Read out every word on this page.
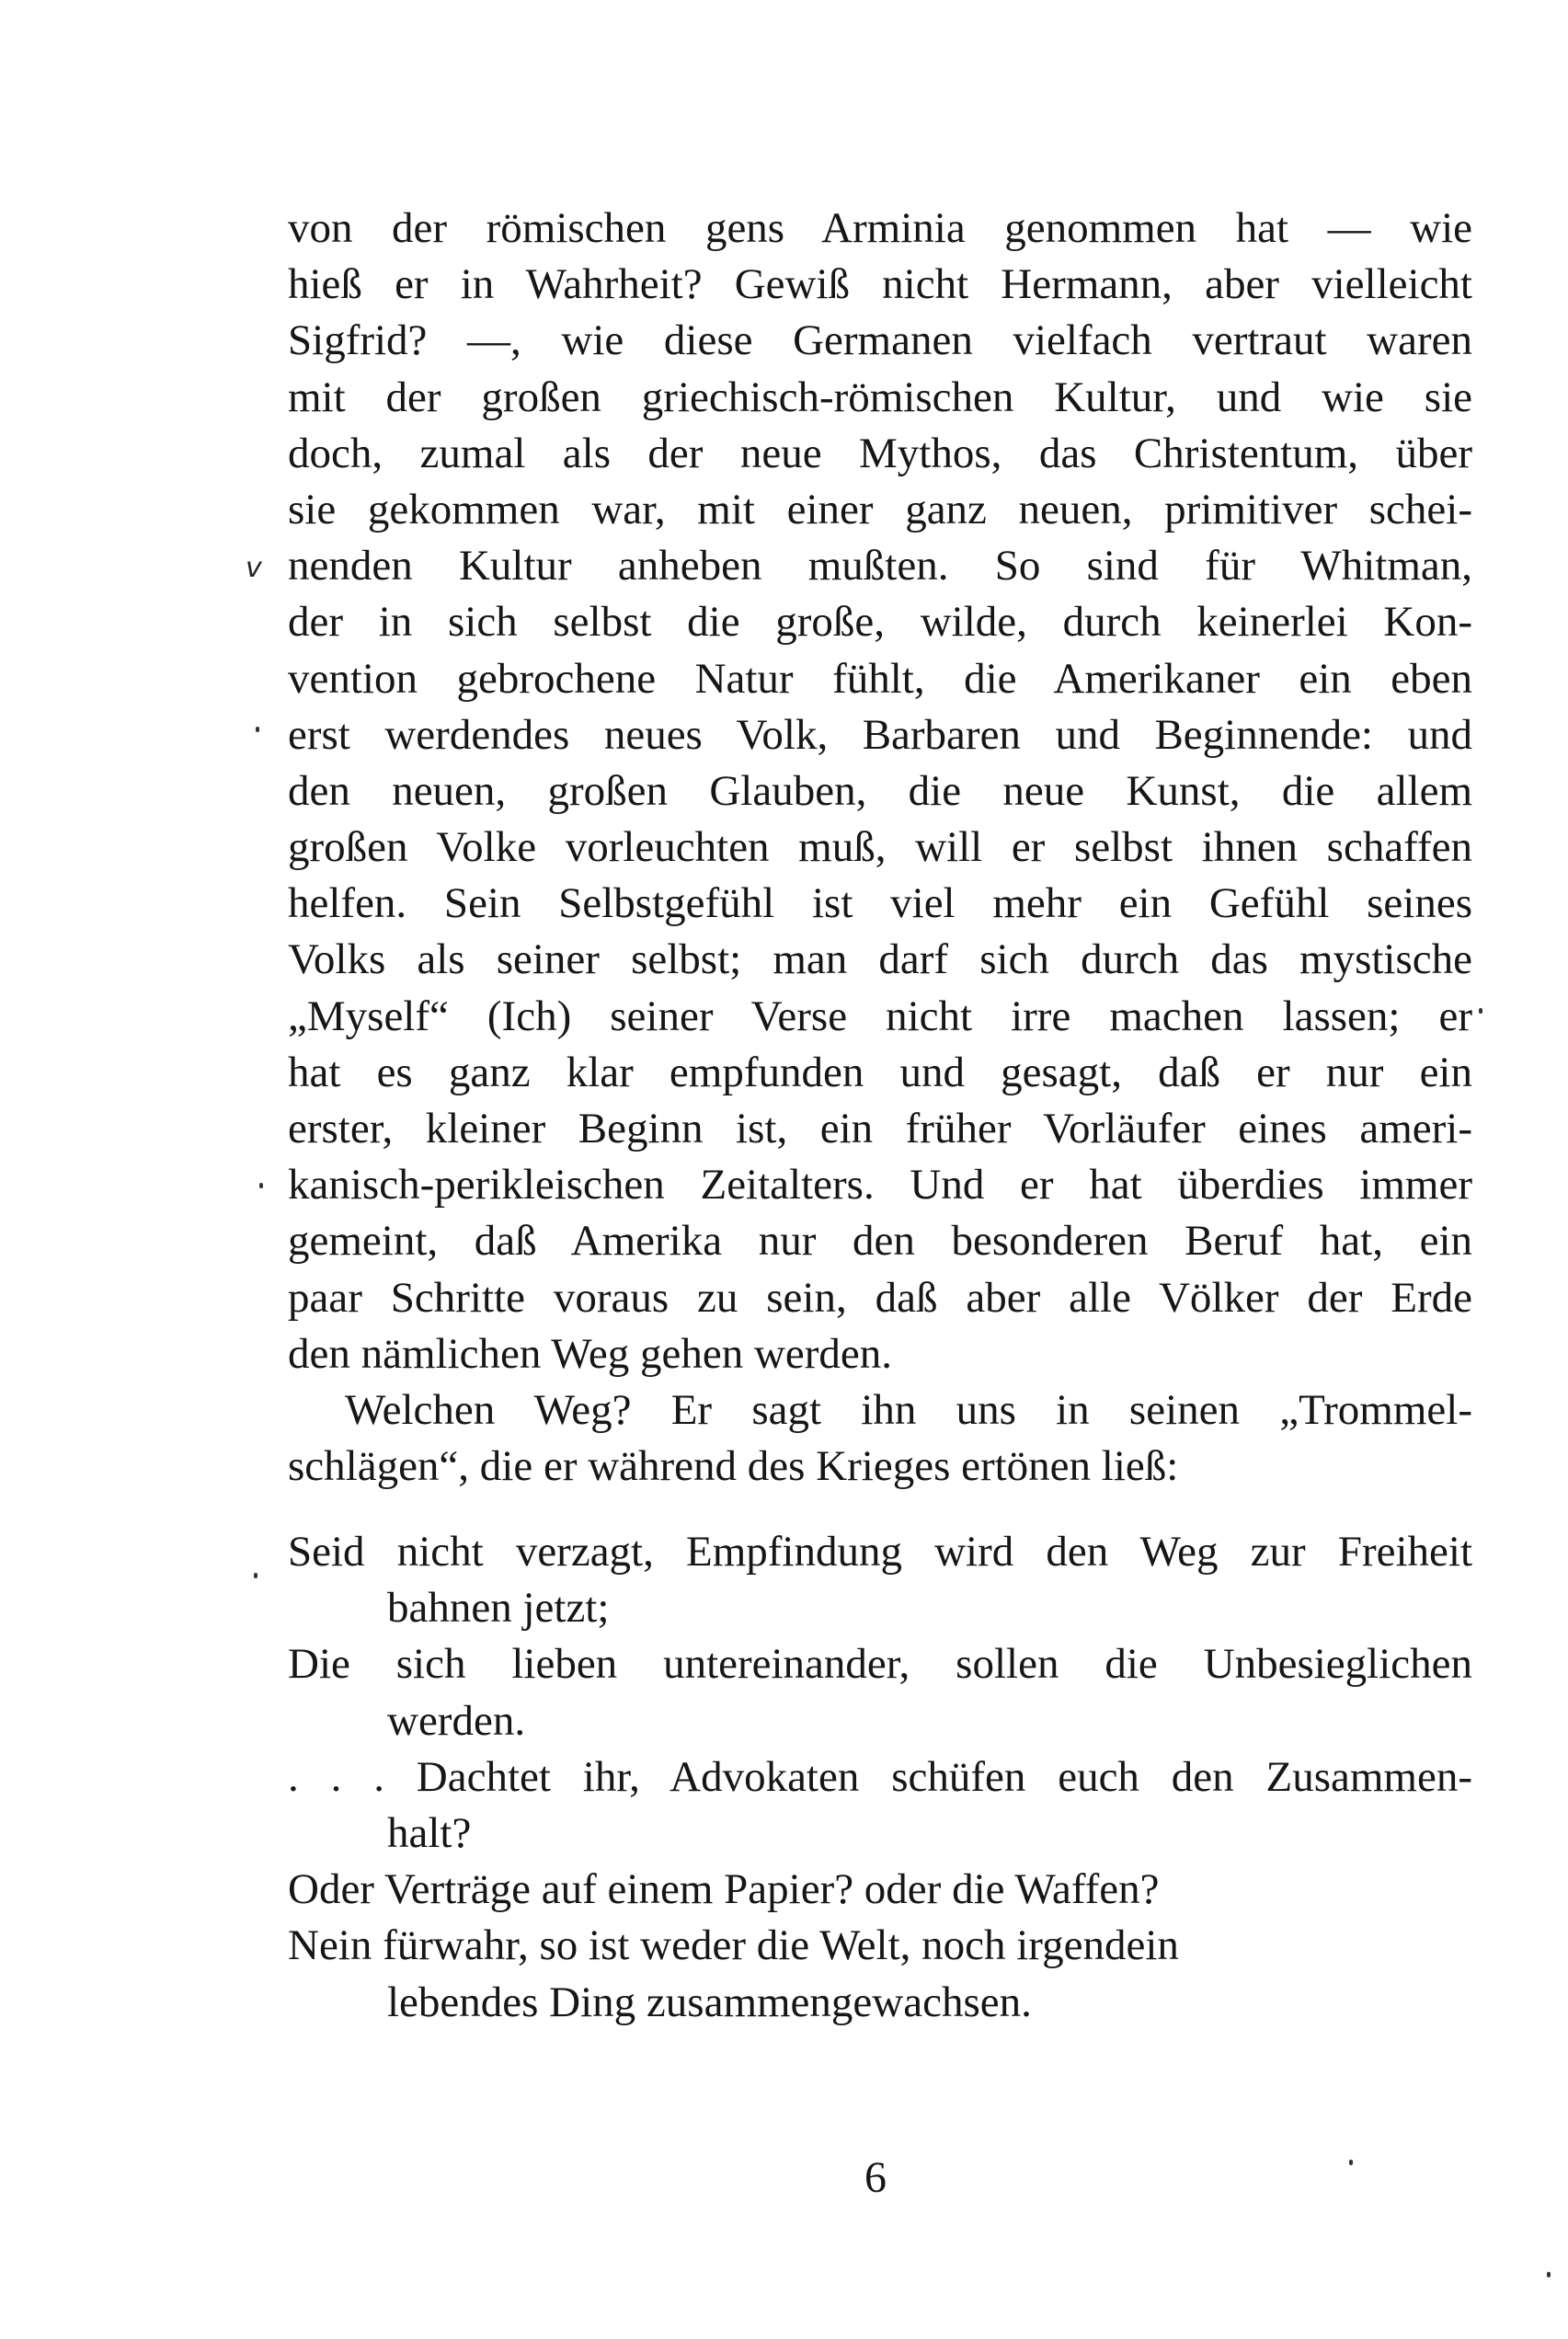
von der römischen gens Arminia genommen hat — wie
hieß er in Wahrheit? Gewiß nicht Hermann, aber vielleicht
Sigfrid? —, wie diese Germanen vielfach vertraut waren
mit der großen griechisch-römischen Kultur, und wie sie
doch, zumal als der neue Mythos, das Christentum, über
sie gekommen war, mit einer ganz neuen, primitiver schei-
nenden Kultur anheben mußten. So sind für Whitman,
der in sich selbst die große, wilde, durch keinerlei Kon-
vention gebrochene Natur fühlt, die Amerikaner ein eben
erst werdendes neues Volk, Barbaren und Beginnende: und
den neuen, großen Glauben, die neue Kunst, die allem
großen Volke vorleuchten muß, will er selbst ihnen schaffen
helfen. Sein Selbstgefühl ist viel mehr ein Gefühl seines
Volks als seiner selbst; man darf sich durch das mystische
„Myself“ (Ich) seiner Verse nicht irre machen lassen; er
hat es ganz klar empfunden und gesagt, daß er nur ein
erster, kleiner Beginn ist, ein früher Vorläufer eines ameri-
kanisch-perikleischen Zeitalters. Und er hat überdies immer
gemeint, daß Amerika nur den besonderen Beruf hat, ein
paar Schritte voraus zu sein, daß aber alle Völker der Erde
den nämlichen Weg gehen werden.
Welchen Weg? Er sagt ihn uns in seinen „Trommel-
schlägen“, die er während des Krieges ertönen ließ:
Seid nicht verzagt, Empfindung wird den Weg zur Freiheit
bahnen jetzt;
Die sich lieben untereinander, sollen die Unbesieglichen
werden.
. . . Dachtet ihr, Advokaten schüfen euch den Zusammen-
halt?
Oder Verträge auf einem Papier? oder die Waffen?
Nein fürwahr, so ist weder die Welt, noch irgendein
lebendes Ding zusammengewachsen.
6
v
